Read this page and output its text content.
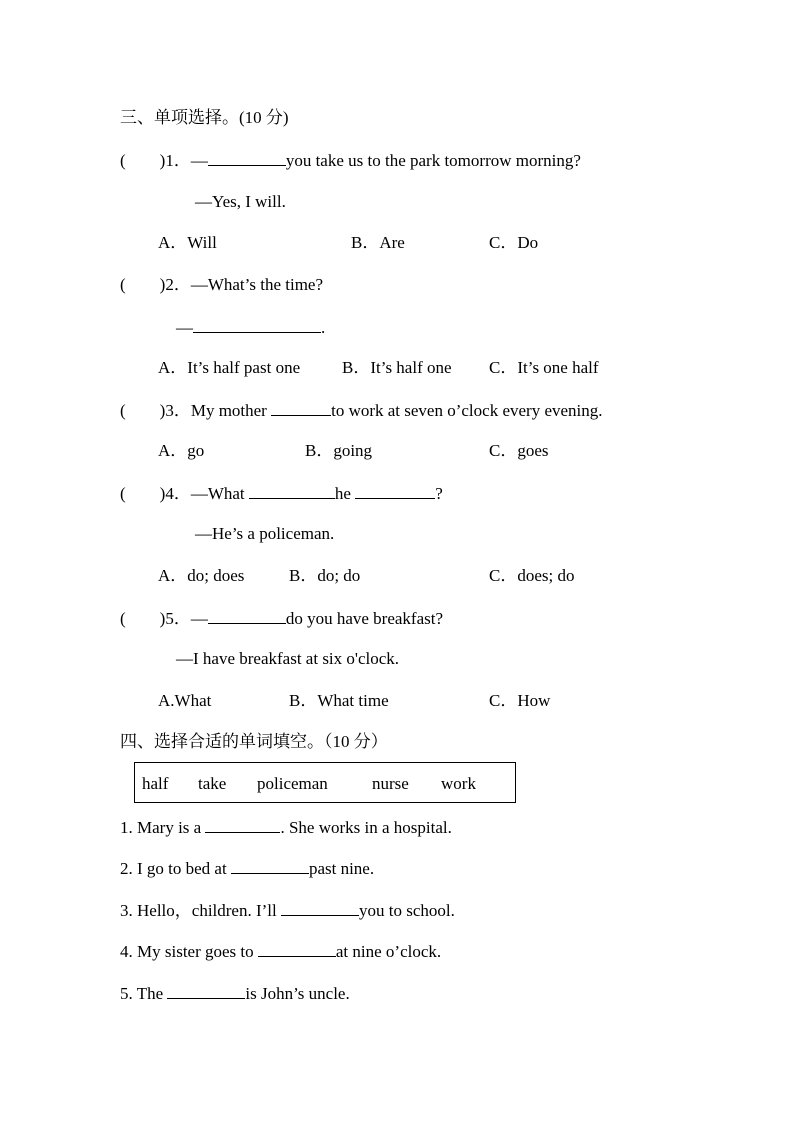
三、单项选择。(10 分)
(        )1．—	you take us to the park tomorrow morning?
—Yes, I will.
A．Will	B．Are	C．Do
(        )2．—What’s the time?
—	.
A．It’s half past one B．It’s half one C．It’s one half
(        )3．My mother	to work at seven o’clock every evening.
A．go	B．going	C．goes
(        )4．—What	he	?
—He’s a policeman.
A．do; does	B．do; do	C．does; do
(        )5．—	do you have breakfast?
—I have breakfast at six o'clock.
A.What	B．What time	C．How
四、选择合适的单词填空。（10 分）
half take policeman	nurse work
1. Mary is a	. She works in a hospital.
2. I go to bed at	past nine.
3. Hello，children. I’ll	you to school.
4. My sister goes to	at nine o’clock.
5. The	is John’s uncle.
